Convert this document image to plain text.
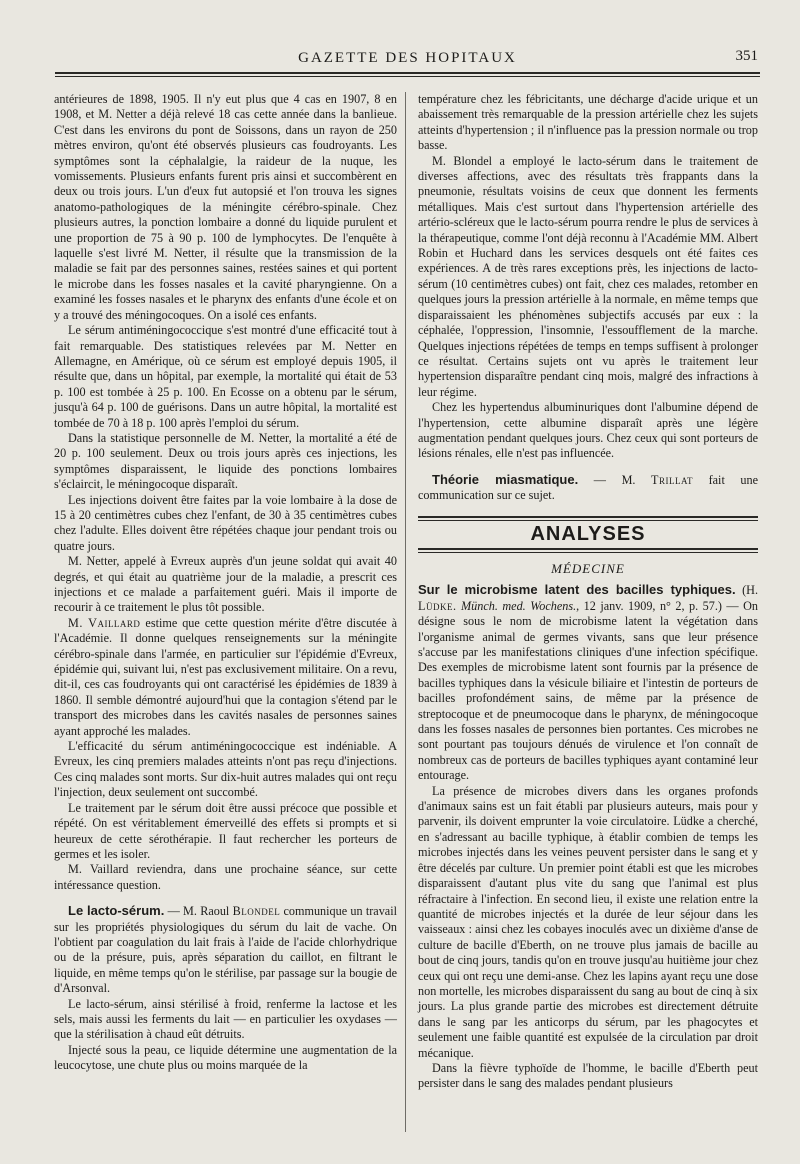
GAZETTE DES HOPITAUX	351

antérieures de 1898, 1905. Il n'y eut plus que 4 cas en 1907, 8 en 1908, et M. Netter a déjà relevé 18 cas cette année dans la banlieue. C'est dans les environs du pont de Soissons, dans un rayon de 250 mètres environ, qu'ont été observés plusieurs cas foudroyants. Les symptômes sont la céphalalgie, la raideur de la nuque, les vomissements. Plusieurs enfants furent pris ainsi et succombèrent en deux ou trois jours. L'un d'eux fut autopsié et l'on trouva les signes anatomo-pathologiques de la méningite cérébro-spinale. Chez plusieurs autres, la ponction lombaire a donné du liquide purulent et une proportion de 75 à 90 p. 100 de lymphocytes. De l'enquête à laquelle s'est livré M. Netter, il résulte que la transmission de la maladie se fait par des personnes saines, restées saines et qui portent le microbe dans les fosses nasales et la cavité pharyngienne. On a examiné les fosses nasales et le pharynx des enfants d'une école et on y a trouvé des méningocoques. On a isolé ces enfants.

Le sérum antiméningococcique s'est montré d'une efficacité tout à fait remarquable. Des statistiques relevées par M. Netter en Allemagne, en Amérique, où ce sérum est employé depuis 1905, il résulte que, dans un hôpital, par exemple, la mortalité qui était de 53 p. 100 est tombée à 25 p. 100. En Ecosse on a obtenu par le sérum, jusqu'à 64 p. 100 de guérisons. Dans un autre hôpital, la mortalité est tombée de 70 à 18 p. 100 après l'emploi du sérum.

Dans la statistique personnelle de M. Netter, la mortalité a été de 20 p. 100 seulement. Deux ou trois jours après ces injections, les symptômes disparaissent, le liquide des ponctions lombaires s'éclaircit, le méningocoque disparaît.

Les injections doivent être faites par la voie lombaire à la dose de 15 à 20 centimètres cubes chez l'enfant, de 30 à 35 centimètres cubes chez l'adulte. Elles doivent être répétées chaque jour pendant trois ou quatre jours.

M. Netter, appelé à Evreux auprès d'un jeune soldat qui avait 40 degrés, et qui était au quatrième jour de la maladie, a prescrit ces injections et ce malade a parfaitement guéri. Mais il importe de recourir à ce traitement le plus tôt possible.

M. Vaillard estime que cette question mérite d'être discutée à l'Académie. Il donne quelques renseignements sur la méningite cérébro-spinale dans l'armée, en particulier sur l'épidémie d'Evreux, épidémie qui, suivant lui, n'est pas exclusivement militaire. On a revu, dit-il, ces cas foudroyants qui ont caractérisé les épidémies de 1839 à 1860. Il semble démontré aujourd'hui que la contagion s'étend par le transport des microbes dans les cavités nasales de personnes saines ayant approché les malades.

L'efficacité du sérum antiméningococcique est indéniable. A Evreux, les cinq premiers malades atteints n'ont pas reçu d'injections. Ces cinq malades sont morts. Sur dix-huit autres malades qui ont reçu l'injection, deux seulement ont succombé.

Le traitement par le sérum doit être aussi précoce que possible et répété. On est véritablement émerveillé des effets si prompts et si heureux de cette sérothérapie. Il faut rechercher les porteurs de germes et les isoler.

M. Vaillard reviendra, dans une prochaine séance, sur cette intéressance question.

Le lacto-sérum. — M. Raoul Blondel communique un travail sur les propriétés physiologiques du sérum du lait de vache. On l'obtient par coagulation du lait frais à l'aide de l'acide chlorhydrique ou de la présure, puis, après séparation du caillot, en filtrant le liquide, en même temps qu'on le stérilise, par passage sur la bougie de d'Arsonval.

Le lacto-sérum, ainsi stérilisé à froid, renferme la lactose et les sels, mais aussi les ferments du lait — en particulier les oxydases — que la stérilisation à chaud eût détruits.

Injecté sous la peau, ce liquide détermine une augmentation de la leucocytose, une chute plus ou moins marquée de la

température chez les fébricitants, une décharge d'acide urique et un abaissement très remarquable de la pression artérielle chez les sujets atteints d'hypertension ; il n'influence pas la pression normale ou trop basse.

M. Blondel a employé le lacto-sérum dans le traitement de diverses affections, avec des résultats très frappants dans la pneumonie, résultats voisins de ceux que donnent les ferments métalliques. Mais c'est surtout dans l'hypertension artérielle des artério-scléreux que le lacto-sérum pourra rendre le plus de services à la thérapeutique, comme l'ont déjà reconnu à l'Académie MM. Albert Robin et Huchard dans les services desquels ont été faites ces expériences. A de très rares exceptions près, les injections de lacto-sérum (10 centimètres cubes) ont fait, chez ces malades, retomber en quelques jours la pression artérielle à la normale, en même temps que disparaissaient les phénomènes subjectifs accusés par eux : la céphalée, l'oppression, l'insomnie, l'essoufflement de la marche. Quelques injections répétées de temps en temps suffisent à prolonger ce résultat. Certains sujets ont vu après le traitement leur hypertension disparaître pendant cinq mois, malgré des infractions à leur régime.

Chez les hypertendus albuminuriques dont l'albumine dépend de l'hypertension, cette albumine disparaît après une légère augmentation pendant quelques jours. Chez ceux qui sont porteurs de lésions rénales, elle n'est pas influencée.

Théorie miasmatique. — M. Trillat fait une communication sur ce sujet.

ANALYSES
MÉDECINE

Sur le microbisme latent des bacilles typhiques. (H. Lüdke. Münch. med. Wochens., 12 janv. 1909, n° 2, p. 57.) — On désigne sous le nom de microbisme latent la végétation dans l'organisme animal de germes vivants, sans que leur présence s'accuse par les manifestations cliniques d'une infection spécifique. Des exemples de microbisme latent sont fournis par la présence de bacilles typhiques dans la vésicule biliaire et l'intestin de porteurs de bacilles profondément sains, de même par la présence de streptocoque et de pneumocoque dans le pharynx, de méningocoque dans les fosses nasales de personnes bien portantes. Ces microbes ne sont pourtant pas toujours dénués de virulence et l'on connaît de nombreux cas de porteurs de bacilles typhiques ayant contaminé leur entourage.

La présence de microbes divers dans les organes profonds d'animaux sains est un fait établi par plusieurs auteurs, mais pour y parvenir, ils doivent emprunter la voie circulatoire. Lüdke a cherché, en s'adressant au bacille typhique, à établir combien de temps les microbes injectés dans les veines peuvent persister dans le sang et y être décelés par culture. Un premier point établi est que les microbes disparaissent d'autant plus vite du sang que l'animal est plus réfractaire à l'infection. En second lieu, il existe une relation entre la quantité de microbes injectés et la durée de leur séjour dans les vaisseaux : ainsi chez les cobayes inoculés avec un dixième d'anse de culture de bacille d'Eberth, on ne trouve plus jamais de bacille au bout de cinq jours, tandis qu'on en trouve jusqu'au huitième jour chez ceux qui ont reçu une demi-anse. Chez les lapins ayant reçu une dose non mortelle, les microbes disparaissent du sang au bout de cinq à six jours. La plus grande partie des microbes est directement détruite dans le sang par les anticorps du sérum, par les phagocytes et seulement une faible quantité est expulsée de la circulation par droit mécanique.

Dans la fièvre typhoïde de l'homme, le bacille d'Eberth peut persister dans le sang des malades pendant plusieurs
